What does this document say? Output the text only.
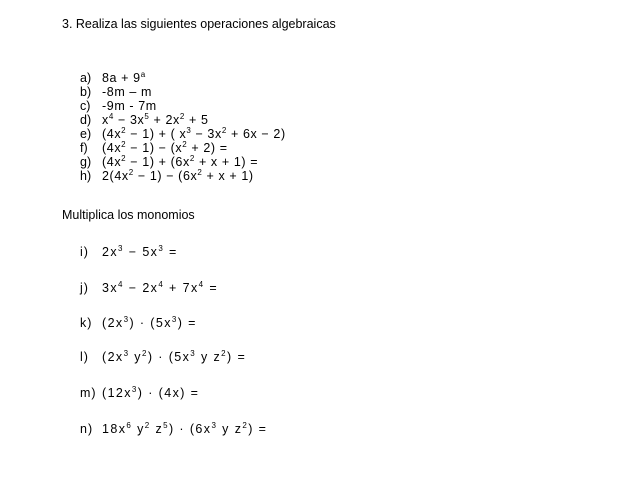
3. Realiza las siguientes operaciones algebraicas
a) $8a + 9^a$
b) -8m – m
c) -9m - 7m
d) $x^4 - 3x^5 + 2x^2 + 5$
e) $(4x^2 - 1)$ + ( $x^3 - 3x^2 + 6x - 2$)
f) $(4x^2 - 1) - (x^2 + 2)$ =
g) $(4x^2 - 1) + (6x^2 + x + 1)$ =
h) $2(4x^2 - 1) - (6x^2 + x + 1)$
Multiplica los monomios
i) $2x^3 - 5x^3$ =
j) $3x^4 - 2x^4 + 7x^4$ =
k) $(2x^3) \cdot (5x^3)$ =
l) ($2x^3$ $y^2) \cdot (5x^3$ y $z^2$) =
m) $(12x^3) \cdot (4x)$ =
n) $18x^6$ $y^2$ $z^5) \cdot (6x^3$ y $z^2$) =
